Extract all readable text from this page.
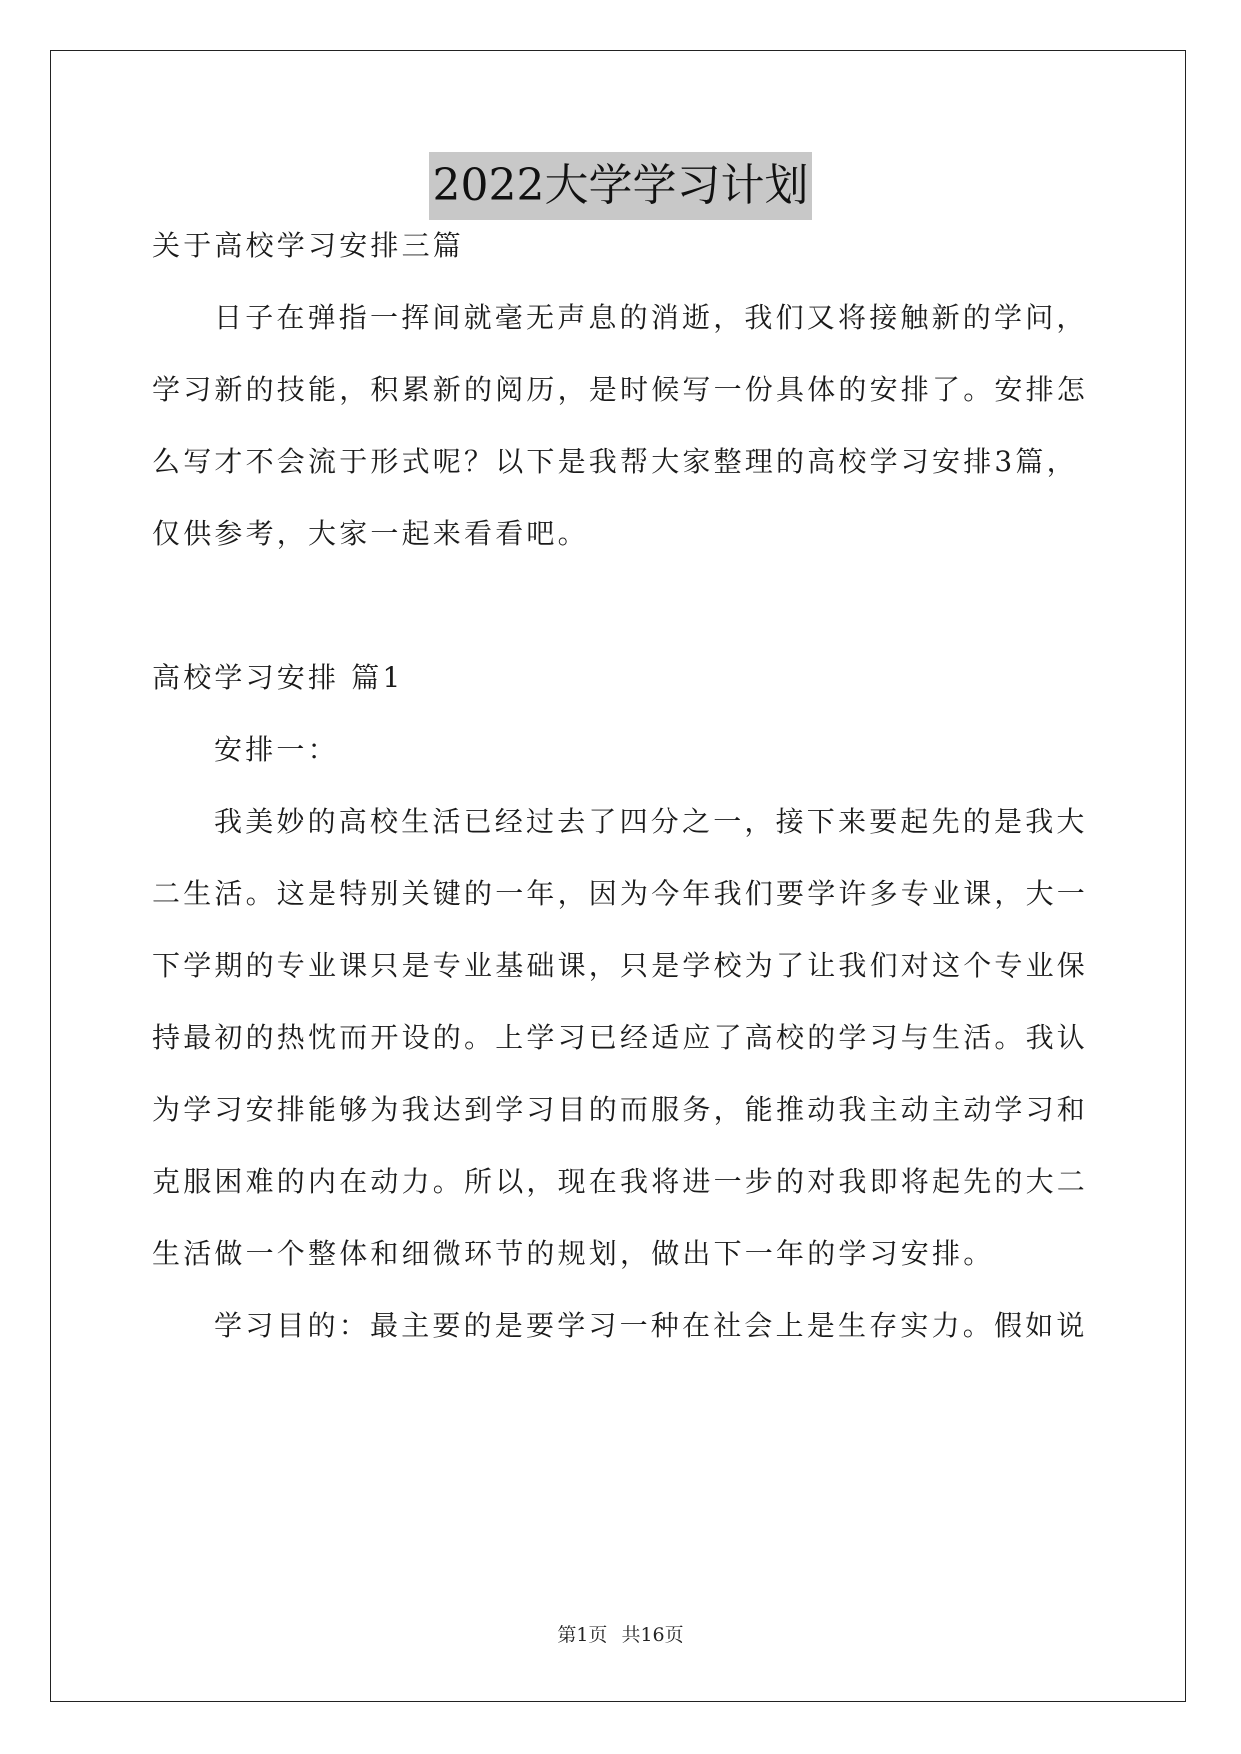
2022大学学习计划
关于高校学习安排三篇
日子在弹指一挥间就毫无声息的消逝，我们又将接触新的学问，
学习新的技能，积累新的阅历，是时候写一份具体的安排了。安排怎
么写才不会流于形式呢？以下是我帮大家整理的高校学习安排3篇，
仅供参考，大家一起来看看吧。
高校学习安排 篇1
安排一：
我美妙的高校生活已经过去了四分之一，接下来要起先的是我大
二生活。这是特别关键的一年，因为今年我们要学许多专业课，大一
下学期的专业课只是专业基础课，只是学校为了让我们对这个专业保
持最初的热忱而开设的。上学习已经适应了高校的学习与生活。我认
为学习安排能够为我达到学习目的而服务，能推动我主动主动学习和
克服困难的内在动力。所以，现在我将进一步的对我即将起先的大二
生活做一个整体和细微环节的规划，做出下一年的学习安排。
学习目的：最主要的是要学习一种在社会上是生存实力。假如说
第1页 共16页
